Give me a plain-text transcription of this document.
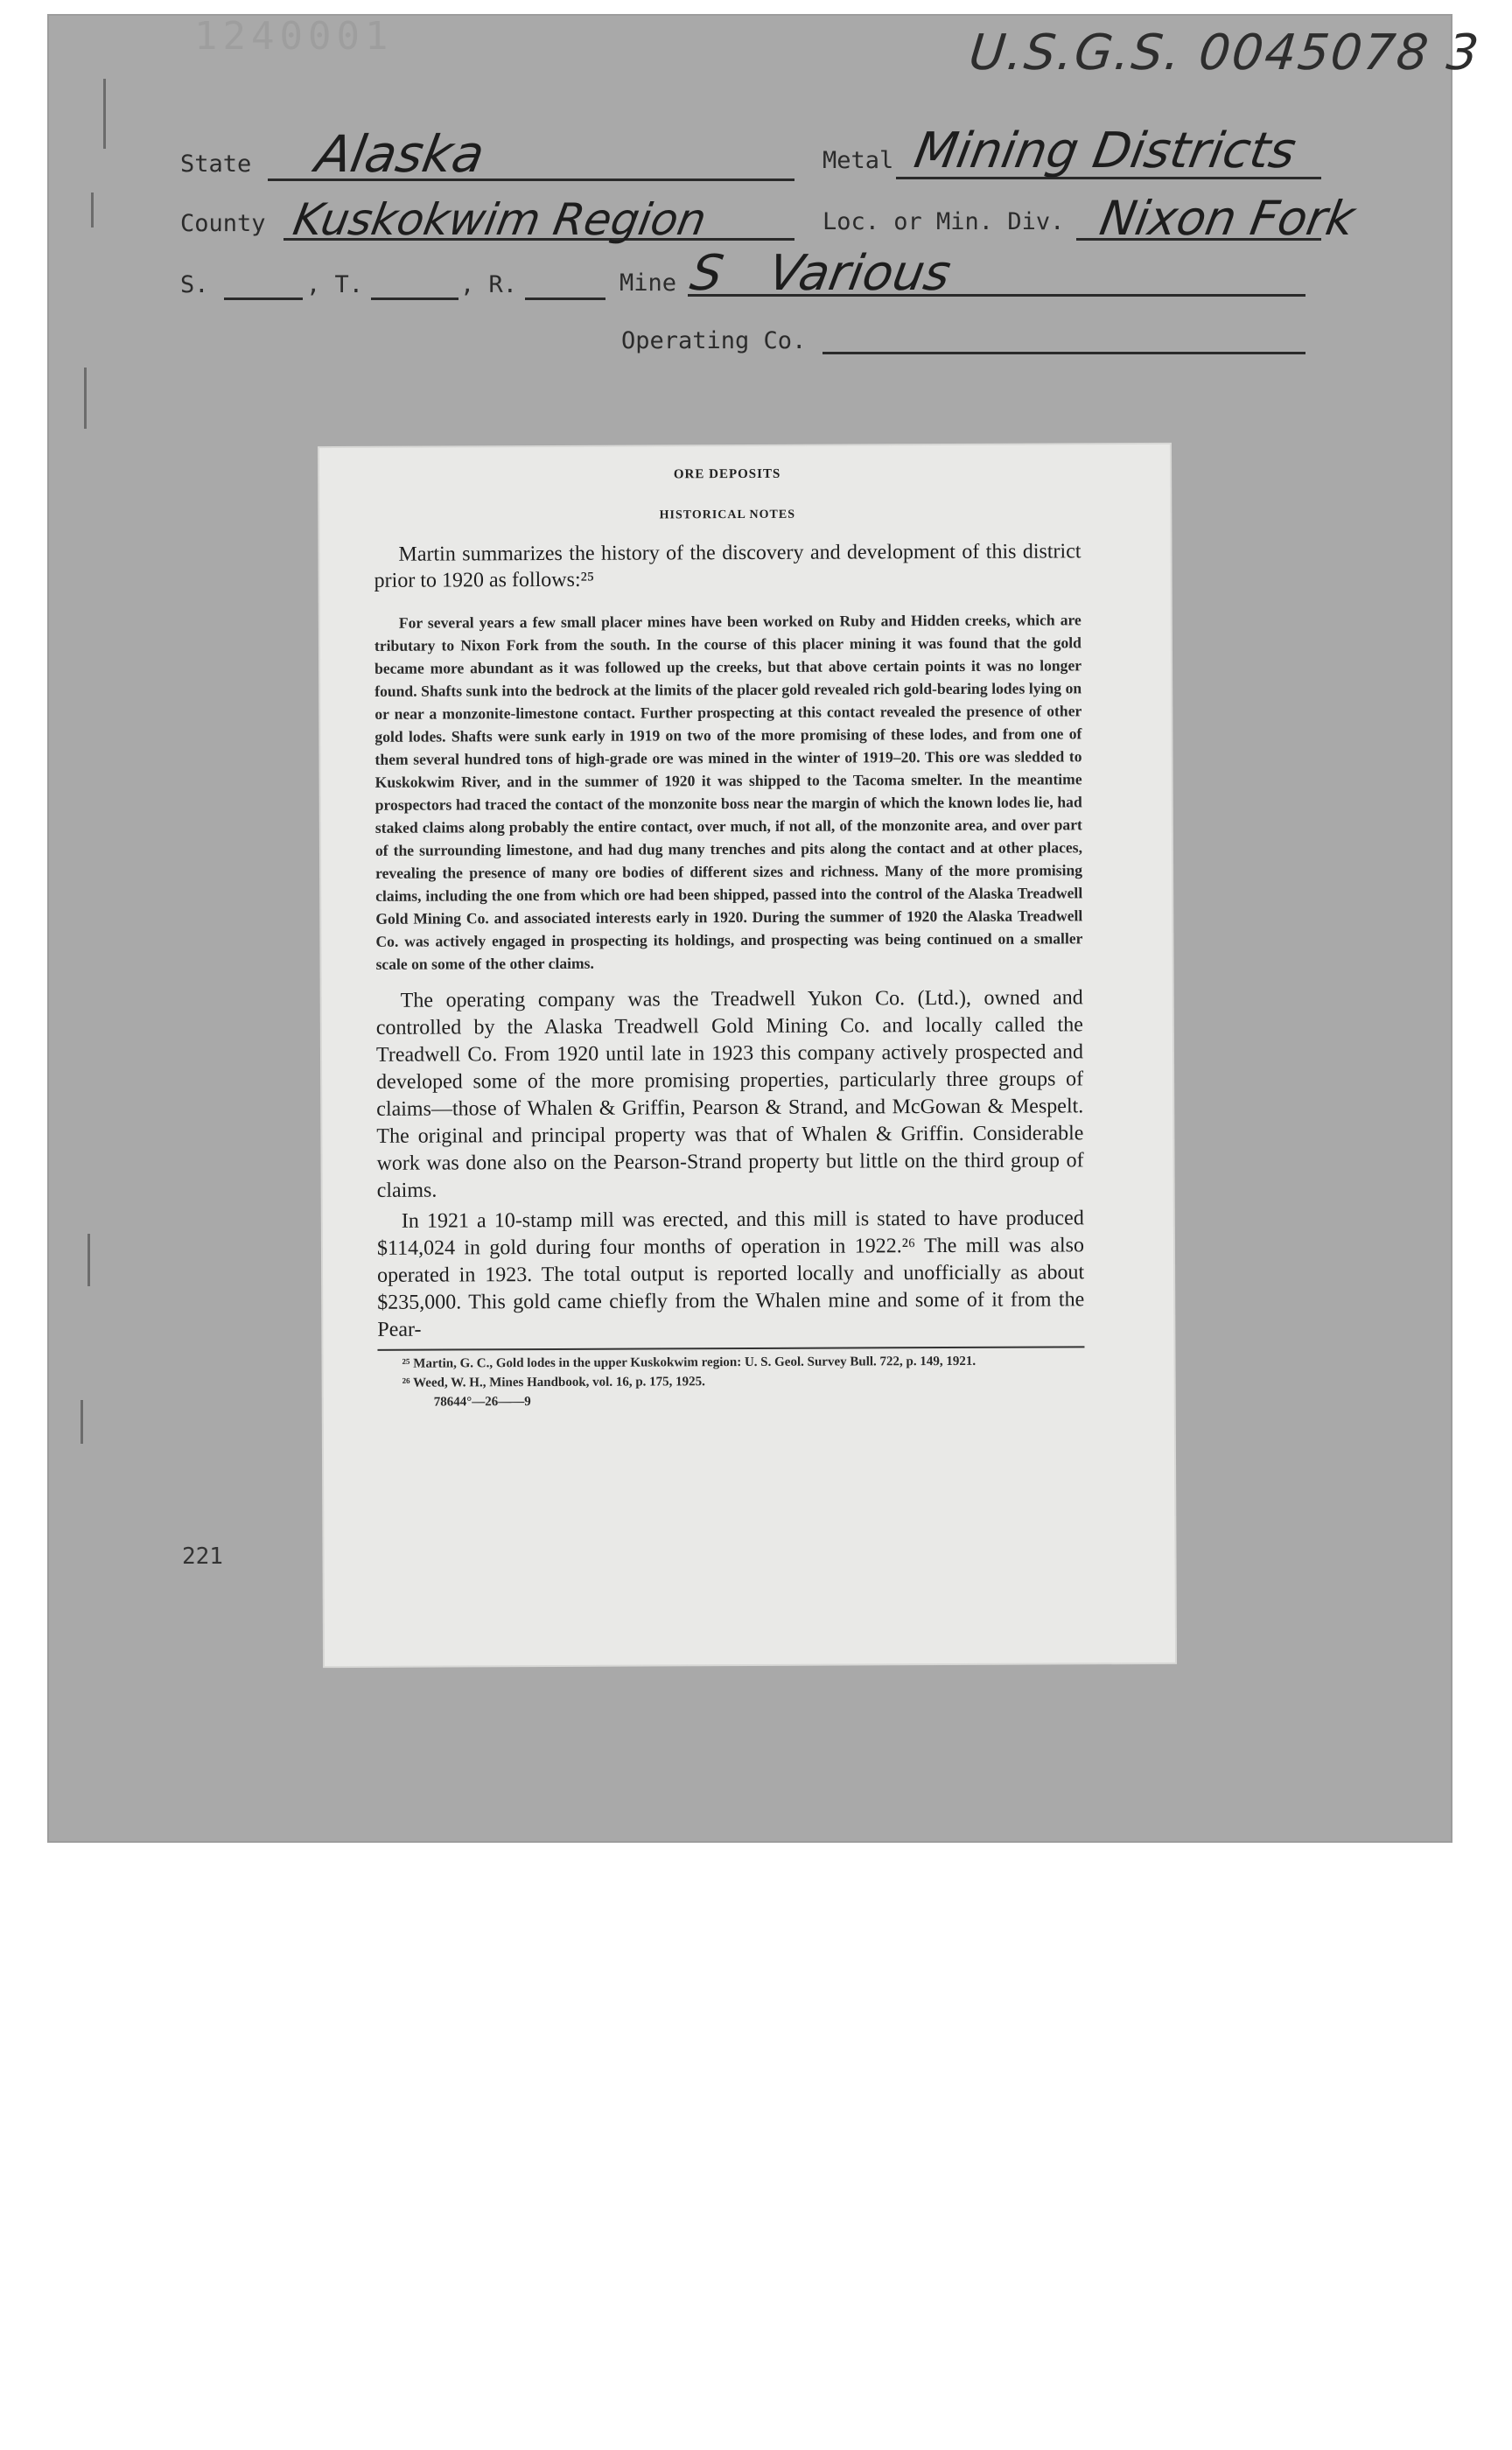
1240001	U.S.G.S. 0045078 3
State Alaska	Metal Mining Districts
County Kuskokwim Region	Loc. or Min. Div. Nixon Fork
S.	, T.	, R.	Mine S   Various
Operating Co.
221
ORE DEPOSITS
HISTORICAL NOTES

Martin summarizes the history of the discovery and development of this district prior to 1920 as follows:²⁵

For several years a few small placer mines have been worked on Ruby and Hidden creeks, which are tributary to Nixon Fork from the south. In the course of this placer mining it was found that the gold became more abundant as it was followed up the creeks, but that above certain points it was no longer found. Shafts sunk into the bedrock at the limits of the placer gold revealed rich gold-bearing lodes lying on or near a monzonite-limestone contact. Further prospecting at this contact revealed the presence of other gold lodes. Shafts were sunk early in 1919 on two of the more promising of these lodes, and from one of them several hundred tons of high-grade ore was mined in the winter of 1919–20. This ore was sledded to Kuskokwim River, and in the summer of 1920 it was shipped to the Tacoma smelter. In the meantime prospectors had traced the contact of the monzonite boss near the margin of which the known lodes lie, had staked claims along probably the entire contact, over much, if not all, of the monzonite area, and over part of the surrounding limestone, and had dug many trenches and pits along the contact and at other places, revealing the presence of many ore bodies of different sizes and richness. Many of the more promising claims, including the one from which ore had been shipped, passed into the control of the Alaska Treadwell Gold Mining Co. and associated interests early in 1920. During the summer of 1920 the Alaska Treadwell Co. was actively engaged in prospecting its holdings, and prospecting was being continued on a smaller scale on some of the other claims.

The operating company was the Treadwell Yukon Co. (Ltd.), owned and controlled by the Alaska Treadwell Gold Mining Co. and locally called the Treadwell Co. From 1920 until late in 1923 this company actively prospected and developed some of the more promising properties, particularly three groups of claims—those of Whalen & Griffin, Pearson & Strand, and McGowan & Mespelt. The original and principal property was that of Whalen & Griffin. Considerable work was done also on the Pearson-Strand property but little on the third group of claims.

In 1921 a 10-stamp mill was erected, and this mill is stated to have produced $114,024 in gold during four months of operation in 1922.²⁶ The mill was also operated in 1923. The total output is reported locally and unofficially as about $235,000. This gold came chiefly from the Whalen mine and some of it from the Pear-

²⁵ Martin, G. C., Gold lodes in the upper Kuskokwim region: U. S. Geol. Survey Bull. 722, p. 149, 1921.

²⁶ Weed, W. H., Mines Handbook, vol. 16, p. 175, 1925.

78644°—26——9
